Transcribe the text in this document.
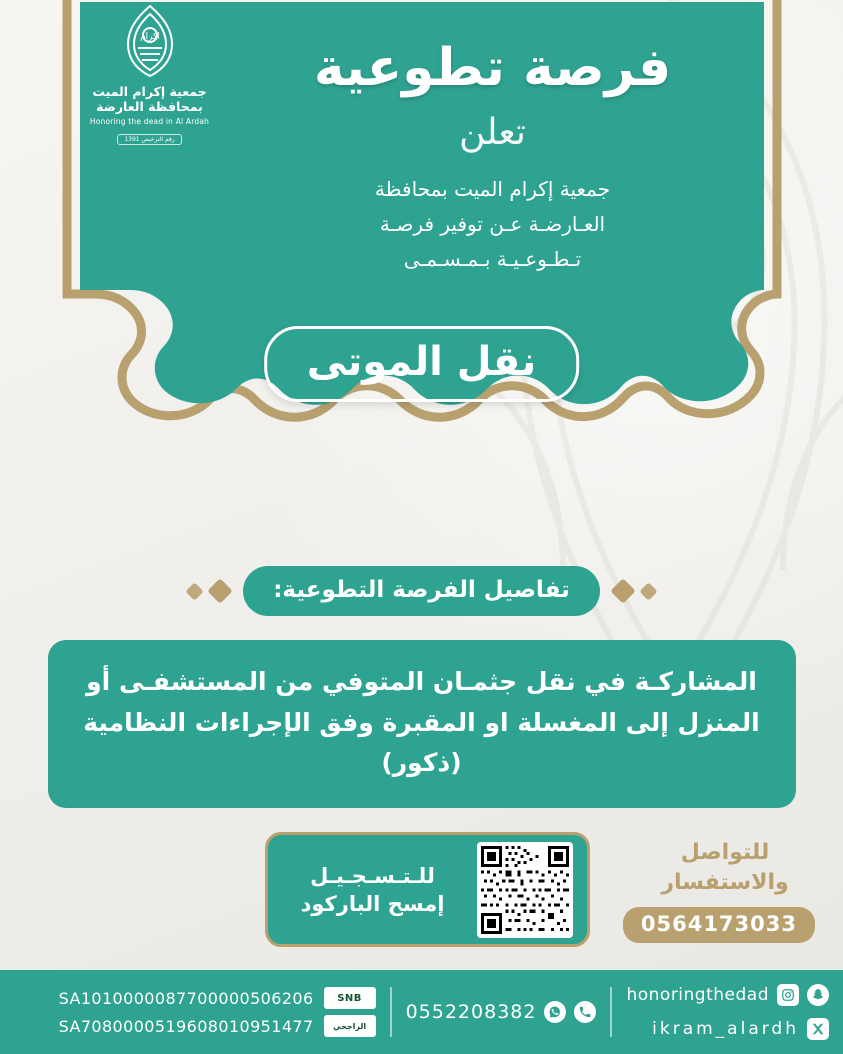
اكرام
جمعية إكرام الميت
بمحافظة العارضة
Honoring the dead in Al Ardah
رقم الترخيص 1391
فرصة تطوعية
تعلن
جمعية إكرام الميت بمحافظة
العـارضـة عـن توفير فرصـة
تـطـوعـيـة بـمـسـمـى
نقل الموتى
تفاصيل الفرصة التطوعية:
المشاركـة في نقل جثمـان المتوفي من المستشفـى أو
المنزل إلى المغسلة او المقبرة وفق الإجراءات النظامية
(ذكور)
للـتـسـجـيـل
إمسح الباركود
للتواصل
والاستفسار
0564173033
honoringthedad
ikram_alardh
0552208382
SNB
SA1010000087700000506206
الراجحي
SA7080000519608010951477
